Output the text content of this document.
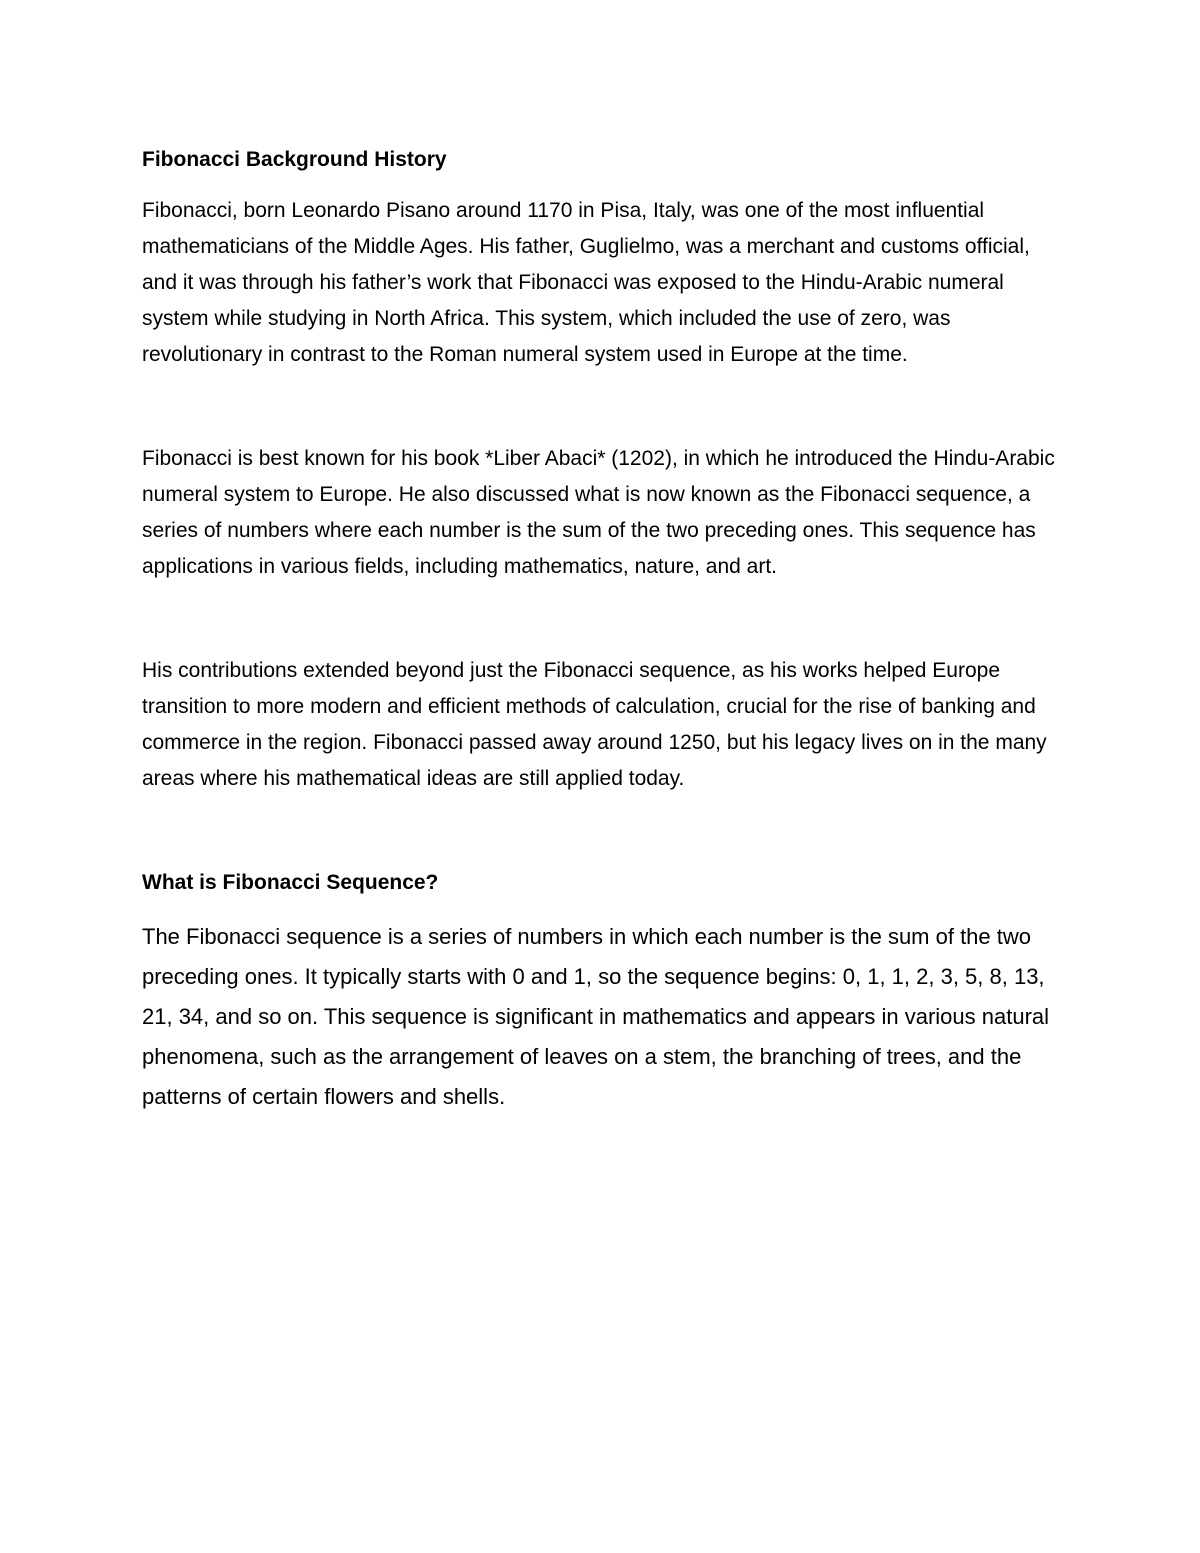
Fibonacci Background History

Fibonacci, born Leonardo Pisano around 1170 in Pisa, Italy, was one of the most influential mathematicians of the Middle Ages. His father, Guglielmo, was a merchant and customs official, and it was through his father’s work that Fibonacci was exposed to the Hindu-Arabic numeral system while studying in North Africa. This system, which included the use of zero, was revolutionary in contrast to the Roman numeral system used in Europe at the time.

Fibonacci is best known for his book *Liber Abaci* (1202), in which he introduced the Hindu-Arabic numeral system to Europe. He also discussed what is now known as the Fibonacci sequence, a series of numbers where each number is the sum of the two preceding ones. This sequence has applications in various fields, including mathematics, nature, and art.

His contributions extended beyond just the Fibonacci sequence, as his works helped Europe transition to more modern and efficient methods of calculation, crucial for the rise of banking and commerce in the region. Fibonacci passed away around 1250, but his legacy lives on in the many areas where his mathematical ideas are still applied today.

What is Fibonacci Sequence?

The Fibonacci sequence is a series of numbers in which each number is the sum of the two preceding ones. It typically starts with 0 and 1, so the sequence begins: 0, 1, 1, 2, 3, 5, 8, 13, 21, 34, and so on. This sequence is significant in mathematics and appears in various natural phenomena, such as the arrangement of leaves on a stem, the branching of trees, and the patterns of certain flowers and shells.
